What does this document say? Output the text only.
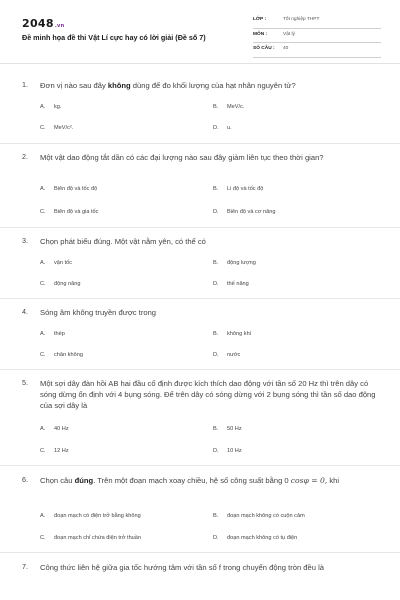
2048.vn
Đề minh họa đề thi Vật Lí cực hay có lời giải (Đề số 7)
LỚP :	Tốt nghiệp THPT
MÔN :	Vật lý
SỐ CÂU : 40
1. Đơn vị nào sau đây không dùng để đo khối lượng của hạt nhân nguyên tử?
A. kg.	B. MeV/c.
C. MeV/c².	D. u.
2. Một vật dao động tắt dần có các đại lượng nào sau đây giảm liên tục theo thời gian?
A. Biên độ và tốc độ	B. Li độ và tốc độ
C. Biên độ và gia tốc	D. Biên độ và cơ năng
3. Chọn phát biểu đúng. Một vật nằm yên, có thể có
A. vận tốc	B. động lượng
C. động năng	D. thế năng
4. Sóng âm không truyền được trong
A. thép	B. không khí
C. chân không	D. nước
5. Một sợi dây đàn hồi AB hai đầu cố định được kích thích dao động với tần số 20 Hz thì trên dây có sóng dừng ổn định với 4 bụng sóng. Để trên dây có sóng dừng với 2 bụng sóng thì tần số dao động của sợi dây là
A. 40 Hz	B. 50 Hz
C. 12 Hz	D. 10 Hz
6. Chọn câu đúng. Trên một đoạn mạch xoay chiều, hệ số công suất bằng 0 cosφ = 0, khi
A. đoạn mạch có điện trở bằng không	B. đoạn mạch không có cuộn cảm
C. đoạn mạch chỉ chứa điện trở thuần	D. đoạn mạch không có tụ điện
7. Công thức liên hệ giữa gia tốc hướng tâm với tần số f trong chuyển động tròn đều là
